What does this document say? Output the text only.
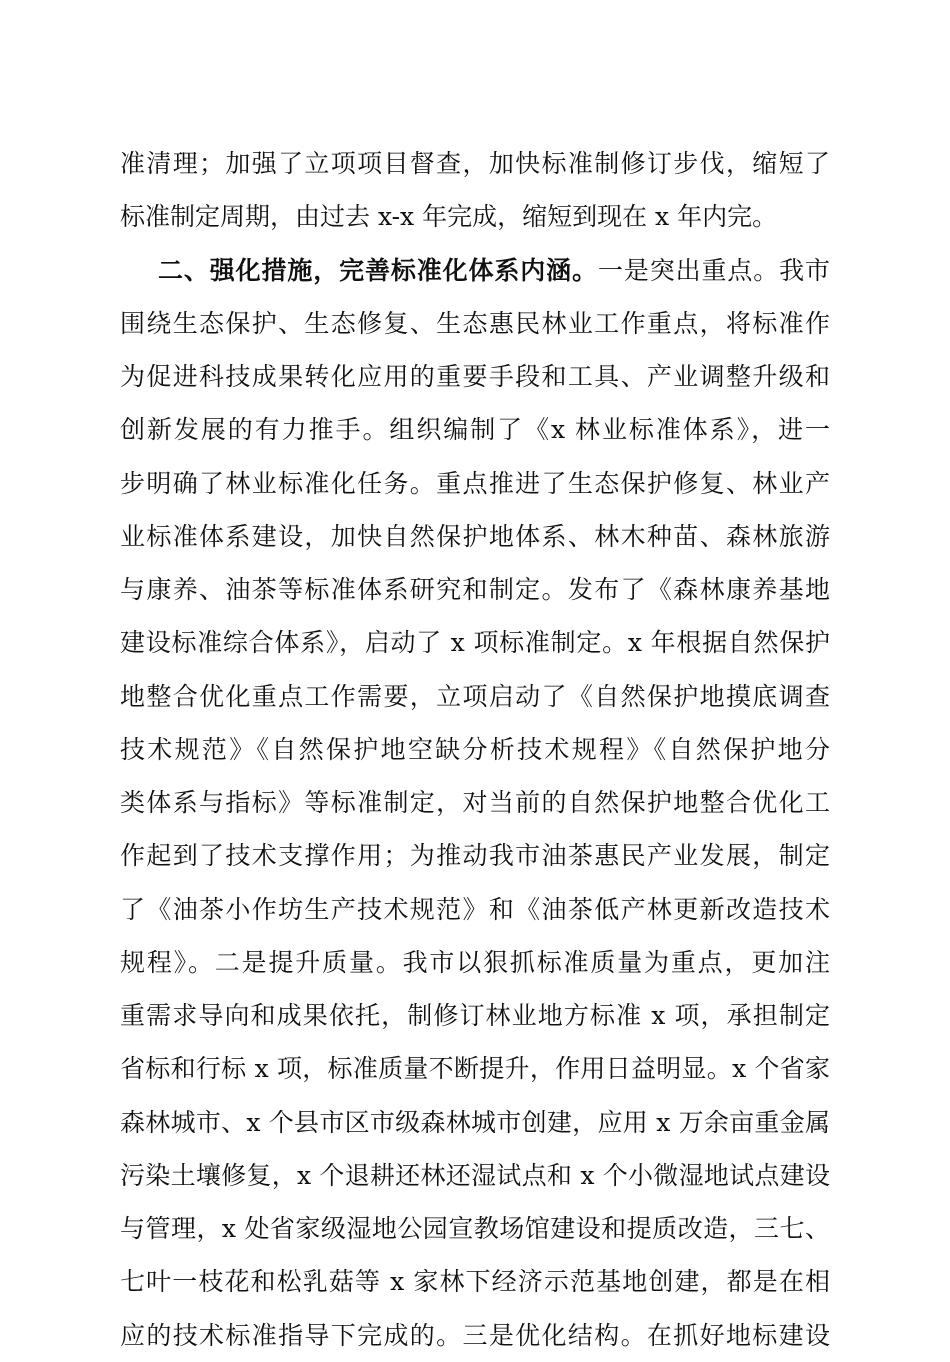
准清理；加强了立项项目督查，加快标准制修订步伐，缩短了
标准制定周期，由过去 x-x 年完成，缩短到现在 x 年内完。
二、强化措施，完善标准化体系内涵。一是突出重点。我市
围绕生态保护、生态修复、生态惠民林业工作重点，将标准作
为促进科技成果转化应用的重要手段和工具、产业调整升级和
创新发展的有力推手。组织编制了《x 林业标准体系》，进一
步明确了林业标准化任务。重点推进了生态保护修复、林业产
业标准体系建设，加快自然保护地体系、林木种苗、森林旅游
与康养、油茶等标准体系研究和制定。发布了《森林康养基地
建设标准综合体系》，启动了 x 项标准制定。x 年根据自然保护
地整合优化重点工作需要，立项启动了《自然保护地摸底调查
技术规范》《自然保护地空缺分析技术规程》《自然保护地分
类体系与指标》等标准制定，对当前的自然保护地整合优化工
作起到了技术支撑作用；为推动我市油茶惠民产业发展，制定
了《油茶小作坊生产技术规范》和《油茶低产林更新改造技术
规程》。二是提升质量。我市以狠抓标准质量为重点，更加注
重需求导向和成果依托，制修订林业地方标准 x 项，承担制定
省标和行标 x 项，标准质量不断提升，作用日益明显。x 个省家
森林城市、x 个县市区市级森林城市创建，应用 x 万余亩重金属
污染土壤修复，x 个退耕还林还湿试点和 x 个小微湿地试点建设
与管理，x 处省家级湿地公园宣教场馆建设和提质改造，三七、
七叶一枝花和松乳菇等 x 家林下经济示范基地创建，都是在相
应的技术标准指导下完成的。三是优化结构。在抓好地标建设
